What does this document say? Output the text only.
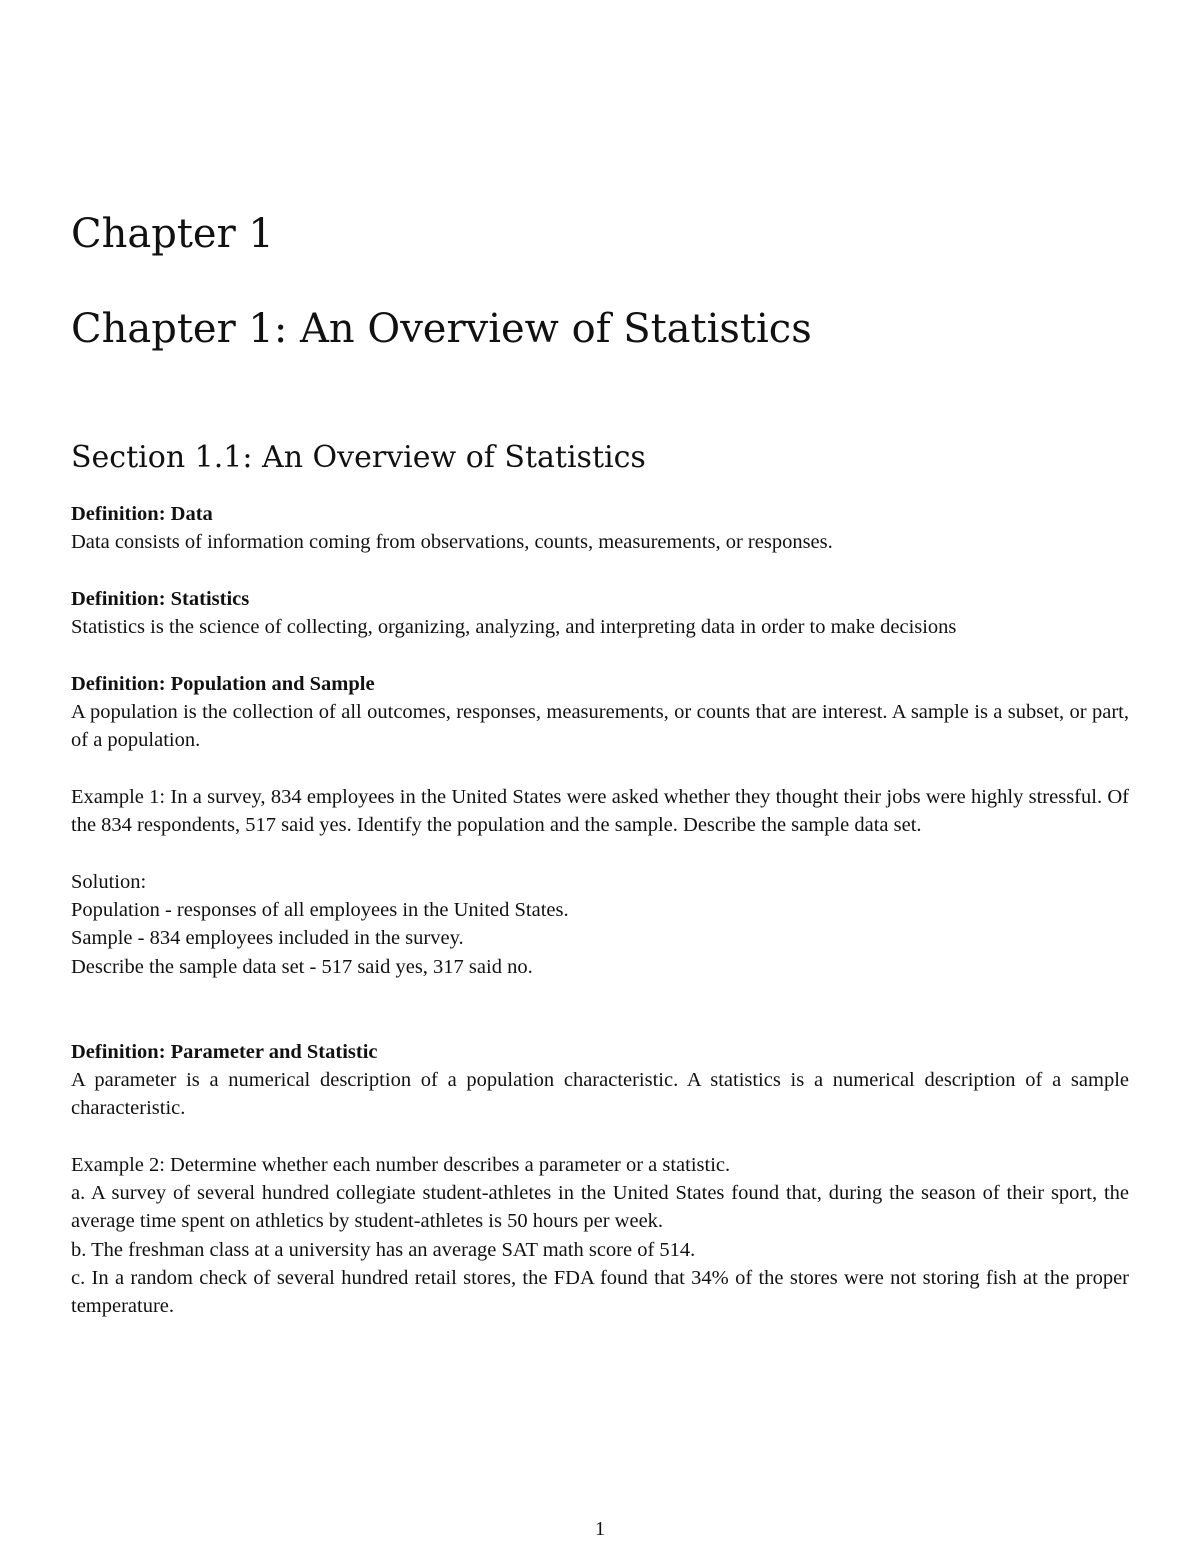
Chapter 1
Chapter 1: An Overview of Statistics
Section 1.1: An Overview of Statistics

Definition: Data
Data consists of information coming from observations, counts, measurements, or responses.

Definition: Statistics
Statistics is the science of collecting, organizing, analyzing, and interpreting data in order to make decisions

Definition: Population and Sample
A population is the collection of all outcomes, responses, measurements, or counts that are interest. A sample is a subset, or part, of a population.

Example 1: In a survey, 834 employees in the United States were asked whether they thought their jobs were highly stressful. Of the 834 respondents, 517 said yes. Identify the population and the sample. Describe the sample data set.

Solution:
Population - responses of all employees in the United States.
Sample - 834 employees included in the survey.
Describe the sample data set - 517 said yes, 317 said no.

Definition: Parameter and Statistic
A parameter is a numerical description of a population characteristic. A statistics is a numerical description of a sample characteristic.

Example 2: Determine whether each number describes a parameter or a statistic.
a. A survey of several hundred collegiate student-athletes in the United States found that, during the season of their sport, the average time spent on athletics by student-athletes is 50 hours per week.
b. The freshman class at a university has an average SAT math score of 514.
c. In a random check of several hundred retail stores, the FDA found that 34% of the stores were not storing fish at the proper temperature.

1
